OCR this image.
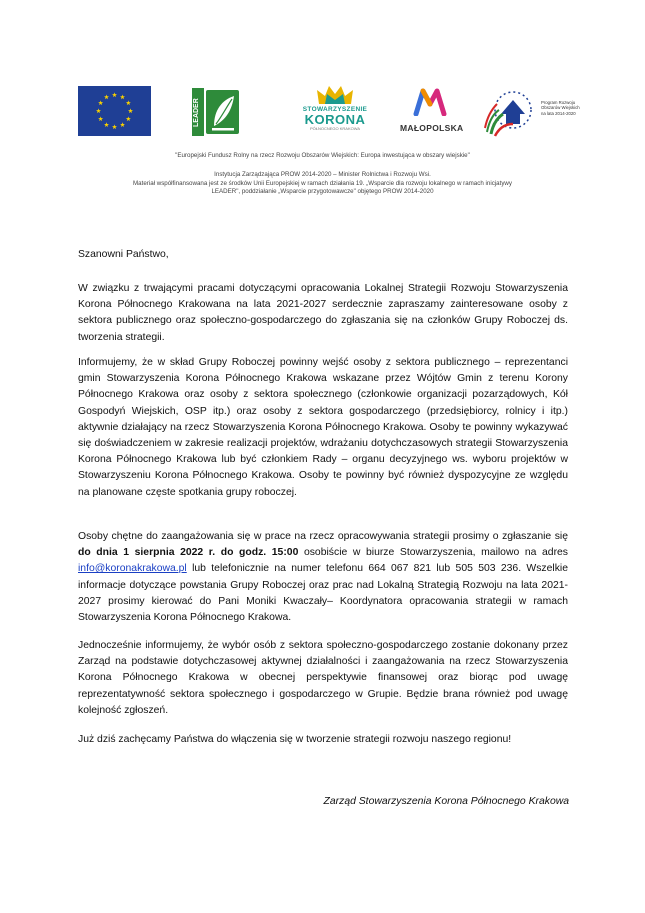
LEADER	STOWARZYSZENIE
KORONA
PÓŁNOCNEGO KRAKOWA	MAŁOPOLSKA
Program Rozwoju Obszarów Wiejskich na lata 2014-2020
"Europejski Fundusz Rolny na rzecz Rozwoju Obszarów Wiejskich: Europa inwestująca w obszary wiejskie"
Instytucja Zarządzająca PROW 2014-2020 – Minister Rolnictwa i Rozwoju Wsi.
Materiał współfinansowana jest ze środków Unii Europejskiej w ramach działania 19. „Wsparcie dla rozwoju lokalnego w ramach inicjatywy
LEADER", poddziałanie „Wsparcie przygotowawcze" objętego PROW 2014-2020
Szanowni Państwo,
W związku z trwającymi pracami dotyczącymi opracowania Lokalnej Strategii Rozwoju Stowarzyszenia Korona Północnego Krakowana na lata 2021-2027 serdecznie zapraszamy zainteresowane osoby z sektora publicznego oraz społeczno-gospodarczego do zgłaszania się na członków Grupy Roboczej ds. tworzenia strategii.
Informujemy, że w skład Grupy Roboczej powinny wejść osoby z sektora publicznego – reprezentanci gmin Stowarzyszenia Korona Północnego Krakowa wskazane przez Wójtów Gmin z terenu Korony Północnego Krakowa oraz osoby z sektora społecznego (członkowie organizacji pozarządowych, Kół Gospodyń Wiejskich, OSP itp.) oraz osoby z sektora gospodarczego (przedsiębiorcy, rolnicy i itp.) aktywnie działający na rzecz Stowarzyszenia Korona Północnego Krakowa. Osoby te powinny wykazywać się doświadczeniem w zakresie realizacji projektów, wdrażaniu dotychczasowych strategii Stowarzyszenia Korona Północnego Krakowa lub być członkiem Rady – organu decyzyjnego ws. wyboru projektów w Stowarzyszeniu Korona Północnego Krakowa. Osoby te powinny być również dyspozycyjne ze względu na planowane częste spotkania grupy roboczej.
Osoby chętne do zaangażowania się w prace na rzecz opracowywania strategii prosimy o zgłaszanie się do dnia 1 sierpnia 2022 r. do godz. 15:00 osobiście w biurze Stowarzyszenia, mailowo na adres info@koronakrakowa.pl lub telefonicznie na numer telefonu 664 067 821 lub 505 503 236. Wszelkie informacje dotyczące powstania Grupy Roboczej oraz prac nad Lokalną Strategią Rozwoju na lata 2021-2027 prosimy kierować do Pani Moniki Kwaczały– Koordynatora opracowania strategii w ramach Stowarzyszenia Korona Północnego Krakowa.
Jednocześnie informujemy, że wybór osób z sektora społeczno-gospodarczego zostanie dokonany przez Zarząd na podstawie dotychczasowej aktywnej działalności i zaangażowania na rzecz Stowarzyszenia Korona Północnego Krakowa w obecnej perspektywie finansowej oraz biorąc pod uwagę reprezentatywność sektora społecznego i gospodarczego w Grupie. Będzie brana również pod uwagę kolejność zgłoszeń.
Już dziś zachęcamy Państwa do włączenia się w tworzenie strategii rozwoju naszego regionu!
Zarząd Stowarzyszenia Korona Północnego Krakowa
